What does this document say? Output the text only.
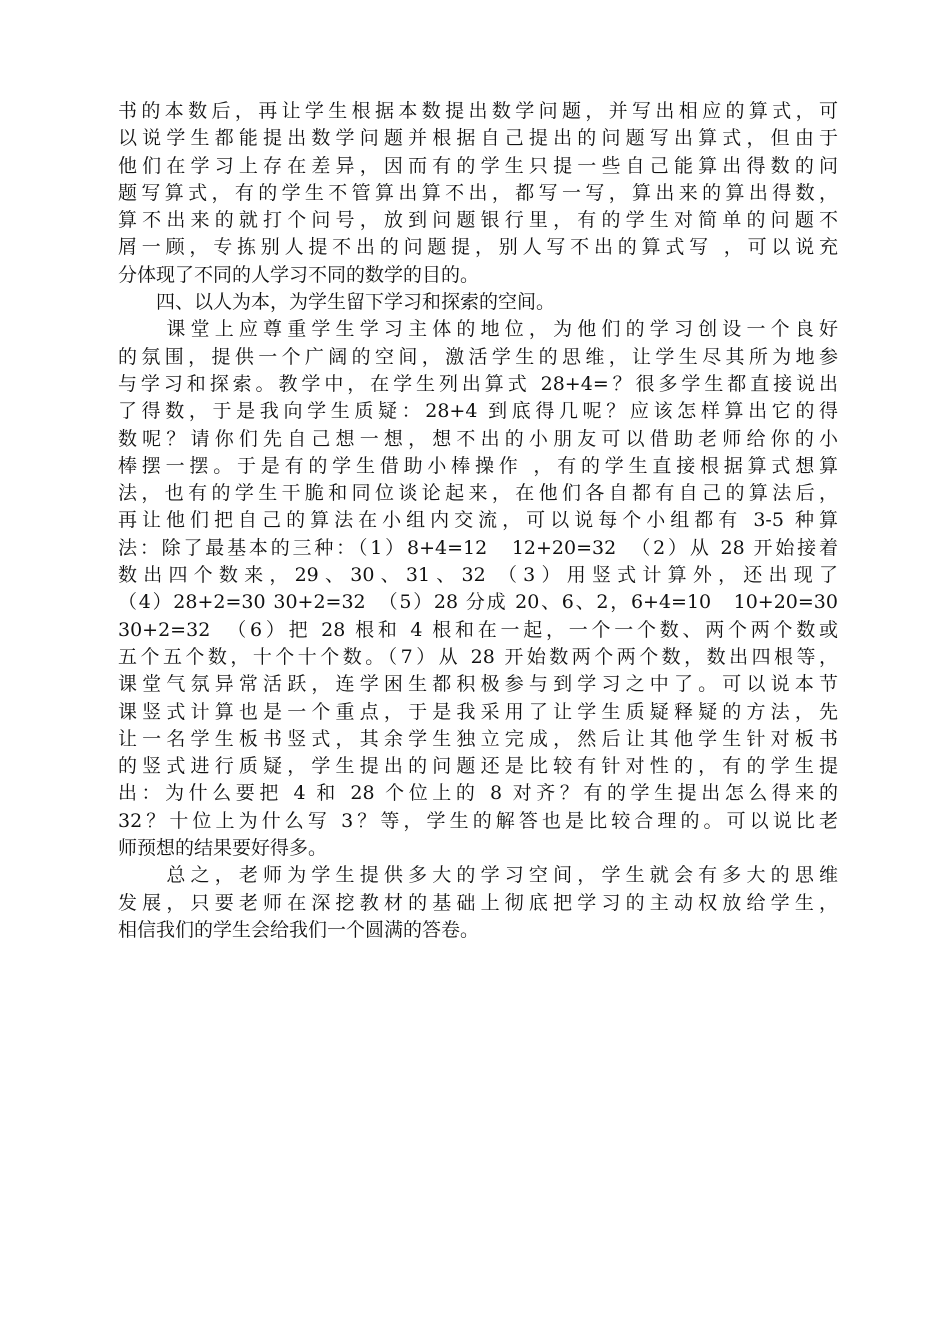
书的本数后，再让学生根据本数提出数学问题，并写出相应的算式，可
以说学生都能提出数学问题并根据自己提出的问题写出算式，但由于
他们在学习上存在差异，因而有的学生只提一些自己能算出得数的问
题写算式，有的学生不管算出算不出，都写一写，算出来的算出得数，
算不出来的就打个问号，放到问题银行里，有的学生对简单的问题不
屑一顾，专拣别人提不出的问题提，别人写不出的算式写 ，可以说充
分体现了不同的人学习不同的数学的目的。
　　四、以人为本，为学生留下学习和探索的空间。
　　课堂上应尊重学生学习主体的地位，为他们的学习创设一个良好
的氛围，提供一个广阔的空间，激活学生的思维，让学生尽其所为地参
与学习和探索。教学中，在学生列出算式 28+4=？很多学生都直接说出
了得数，于是我向学生质疑：28+4 到底得几呢？应该怎样算出它的得
数呢？请你们先自己想一想，想不出的小朋友可以借助老师给你的小
棒摆一摆。于是有的学生借助小棒操作 ，有的学生直接根据算式想算
法，也有的学生干脆和同位谈论起来，在他们各自都有自己的算法后，
再让他们把自己的算法在小组内交流，可以说每个小组都有 3-5 种算
法：除了最基本的三种：（1）8+4=12　12+20=32　（2）从 28 开始接着
数出四个数来，29、30、31、32 （3）用竖式计算外，还出现了
（4）28+2=30 30+2=32　（5）28 分成 20、6、2，6+4=10　10+20=30
30+2=32　（6）把 28 根和 4 根和在一起，一个一个数、两个两个数或
五个五个数，十个十个数。（7）从 28 开始数两个两个数，数出四根等，
课堂气氛异常活跃，连学困生都积极参与到学习之中了。可以说本节
课竖式计算也是一个重点，于是我采用了让学生质疑释疑的方法，先
让一名学生板书竖式，其余学生独立完成，然后让其他学生针对板书
的竖式进行质疑，学生提出的问题还是比较有针对性的，有的学生提
出：为什么要把 4 和 28 个位上的 8 对齐？有的学生提出怎么得来的
32？十位上为什么写 3？等，学生的解答也是比较合理的。可以说比老
师预想的结果要好得多。
　　总之，老师为学生提供多大的学习空间，学生就会有多大的思维
发展，只要老师在深挖教材的基础上彻底把学习的主动权放给学生，
相信我们的学生会给我们一个圆满的答卷。
